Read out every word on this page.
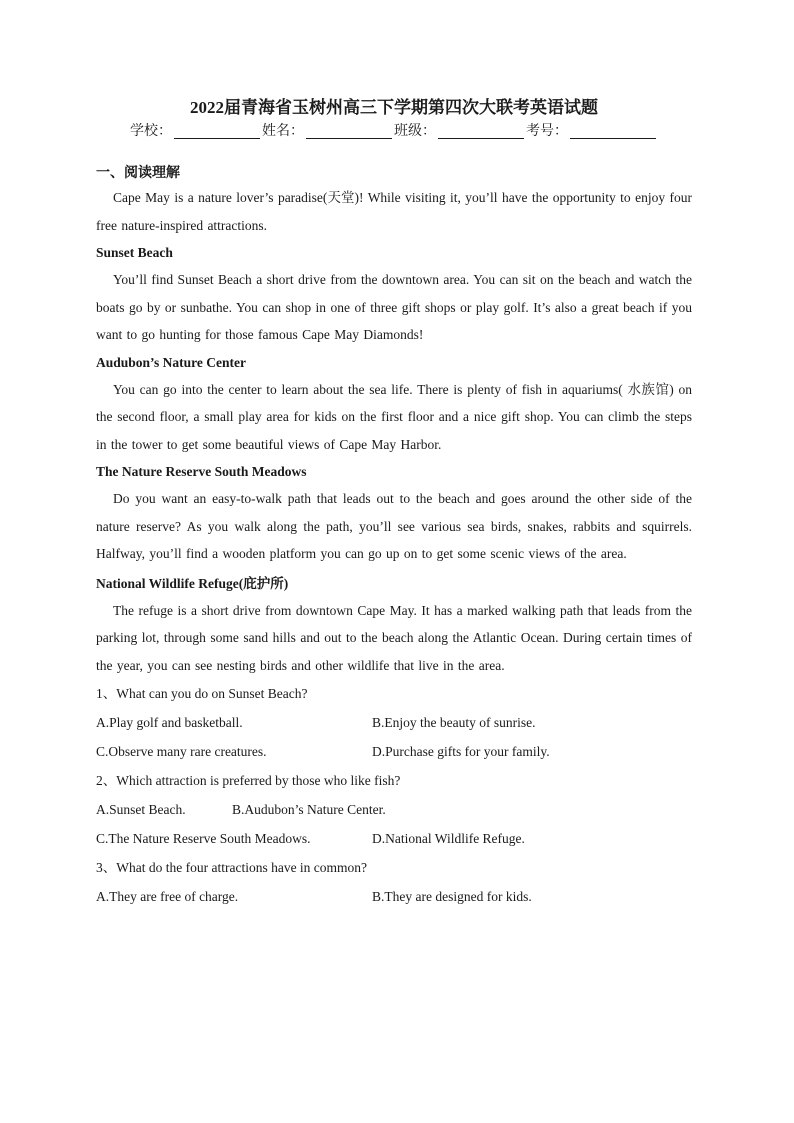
2022届青海省玉树州高三下学期第四次大联考英语试题
学校：	姓名：	班级：	考号：
一、阅读理解

Cape May is a nature lover’s paradise(天堂)! While visiting it, you’ll have the opportunity to enjoy four free nature-inspired attractions.

Sunset Beach

You’ll find Sunset Beach a short drive from the downtown area. You can sit on the beach and watch the boats go by or sunbathe. You can shop in one of three gift shops or play golf. It’s also a great beach if you want to go hunting for those famous Cape May Diamonds!

Audubon’s Nature Center

You can go into the center to learn about the sea life. There is plenty of fish in aquariums( 水族馆) on the second floor, a small play area for kids on the first floor and a nice gift shop. You can climb the steps in the tower to get some beautiful views of Cape May Harbor.

The Nature Reserve South Meadows

Do you want an easy-to-walk path that leads out to the beach and goes around the other side of the nature reserve? As you walk along the path, you’ll see various sea birds, snakes, rabbits and squirrels. Halfway, you’ll find a wooden platform you can go up on to get some scenic views of the area.

National Wildlife Refuge(庇护所)

The refuge is a short drive from downtown Cape May. It has a marked walking path that leads from the parking lot, through some sand hills and out to the beach along the Atlantic Ocean. During certain times of the year, you can see nesting birds and other wildlife that live in the area.

1、What can you do on Sunset Beach?
A.Play golf and basketball.	B.Enjoy the beauty of sunrise.
C.Observe many rare creatures.	D.Purchase gifts for your family.
2、Which attraction is preferred by those who like fish?
A.Sunset Beach.	B.Audubon’s Nature Center.
C.The Nature Reserve South Meadows.	D.National Wildlife Refuge.
3、What do the four attractions have in common?
A.They are free of charge.	B.They are designed for kids.
